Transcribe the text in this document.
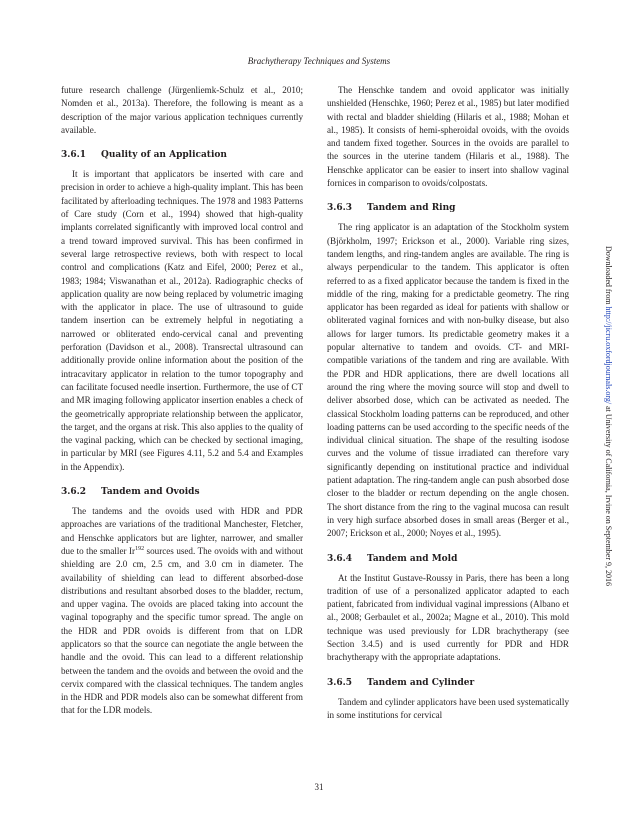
Brachytherapy Techniques and Systems

future research challenge (Jürgenliemk-Schulz et al., 2010; Nomden et al., 2013a). Therefore, the following is meant as a description of the major various application techniques currently available.

3.6.1 Quality of an Application

It is important that applicators be inserted with care and precision in order to achieve a high-quality implant. This has been facilitated by afterloading techniques. The 1978 and 1983 Patterns of Care study (Corn et al., 1994) showed that high-quality implants correlated significantly with improved local control and a trend toward improved survival. This has been confirmed in several large retrospective reviews, both with respect to local control and complications (Katz and Eifel, 2000; Perez et al., 1983; 1984; Viswanathan et al., 2012a). Radiographic checks of application quality are now being replaced by volumetric imaging with the applicator in place. The use of ultrasound to guide tandem insertion can be extremely helpful in negotiating a narrowed or obliterated endo-cervical canal and preventing perforation (Davidson et al., 2008). Transrectal ultrasound can additionally provide online information about the position of the intracavitary applicator in relation to the tumor topography and can facilitate focused needle insertion. Furthermore, the use of CT and MR imaging following applicator insertion enables a check of the geometrically appropriate relationship between the applicator, the target, and the organs at risk. This also applies to the quality of the vaginal packing, which can be checked by sectional imaging, in particular by MRI (see Figures 4.11, 5.2 and 5.4 and Examples in the Appendix).

3.6.2 Tandem and Ovoids

The tandems and the ovoids used with HDR and PDR approaches are variations of the traditional Manchester, Fletcher, and Henschke applicators but are lighter, narrower, and smaller due to the smaller Ir$^{192}$ sources used. The ovoids with and without shielding are 2.0 cm, 2.5 cm, and 3.0 cm in diameter. The availability of shielding can lead to different absorbed-dose distributions and resultant absorbed doses to the bladder, rectum, and upper vagina. The ovoids are placed taking into account the vaginal topography and the specific tumor spread. The angle on the HDR and PDR ovoids is different from that on LDR applicators so that the source can negotiate the angle between the handle and the ovoid. This can lead to a different relationship between the tandem and the ovoids and between the ovoid and the cervix compared with the classical techniques. The tandem angles in the HDR and PDR models also can be somewhat different from that for the LDR models.

The Henschke tandem and ovoid applicator was initially unshielded (Henschke, 1960; Perez et al., 1985) but later modified with rectal and bladder shielding (Hilaris et al., 1988; Mohan et al., 1985). It consists of hemi-spheroidal ovoids, with the ovoids and tandem fixed together. Sources in the ovoids are parallel to the sources in the uterine tandem (Hilaris et al., 1988). The Henschke applicator can be easier to insert into shallow vaginal fornices in comparison to ovoids/colpostats.

3.6.3 Tandem and Ring

The ring applicator is an adaptation of the Stockholm system (Björkholm, 1997; Erickson et al., 2000). Variable ring sizes, tandem lengths, and ring-tandem angles are available. The ring is always perpendicular to the tandem. This applicator is often referred to as a fixed applicator because the tandem is fixed in the middle of the ring, making for a predictable geometry. The ring applicator has been regarded as ideal for patients with shallow or obliterated vaginal fornices and with non-bulky disease, but also allows for larger tumors. Its predictable geometry makes it a popular alternative to tandem and ovoids. CT- and MRI-compatible variations of the tandem and ring are available. With the PDR and HDR applications, there are dwell locations all around the ring where the moving source will stop and dwell to deliver absorbed dose, which can be activated as needed. The classical Stockholm loading patterns can be reproduced, and other loading patterns can be used according to the specific needs of the individual clinical situation. The shape of the resulting isodose curves and the volume of tissue irradiated can therefore vary significantly depending on institutional practice and individual patient adaptation. The ring-tandem angle can push absorbed dose closer to the bladder or rectum depending on the angle chosen. The short distance from the ring to the vaginal mucosa can result in very high surface absorbed doses in small areas (Berger et al., 2007; Erickson et al., 2000; Noyes et al., 1995).

3.6.4 Tandem and Mold

At the Institut Gustave-Roussy in Paris, there has been a long tradition of use of a personalized applicator adapted to each patient, fabricated from individual vaginal impressions (Albano et al., 2008; Gerbaulet et al., 2002a; Magne et al., 2010). This mold technique was used previously for LDR brachytherapy (see Section 3.4.5) and is used currently for PDR and HDR brachytherapy with the appropriate adaptations.

3.6.5 Tandem and Cylinder

Tandem and cylinder applicators have been used systematically in some institutions for cervical

31
Downloaded from http://jicru.oxfordjournals.org/ at University of California, Irvine on September 9, 2016
